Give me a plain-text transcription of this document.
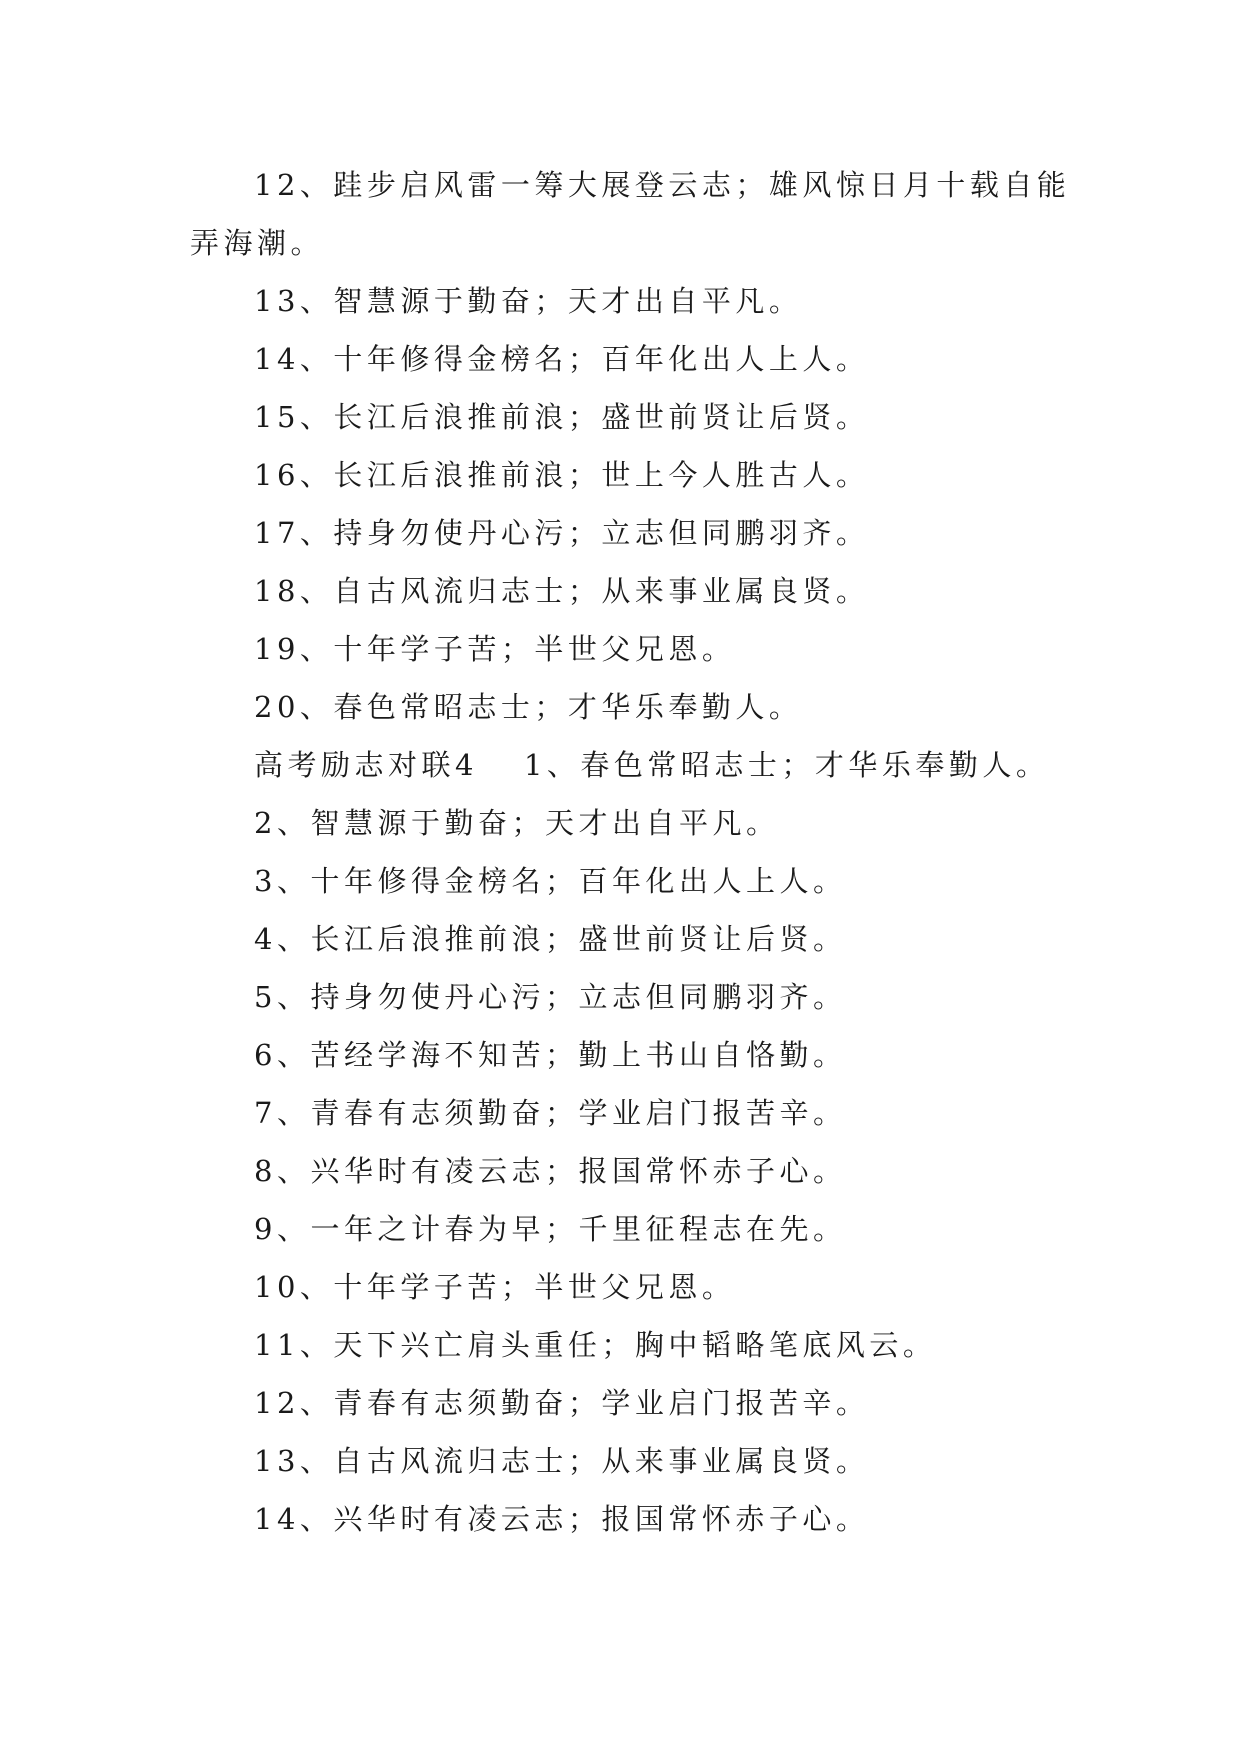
12、跬步启风雷一筹大展登云志；雄风惊日月十载自能
弄海潮。
13、智慧源于勤奋；天才出自平凡。
14、十年修得金榜名；百年化出人上人。
15、长江后浪推前浪；盛世前贤让后贤。
16、长江后浪推前浪；世上今人胜古人。
17、持身勿使丹心污；立志但同鹏羽齐。
18、自古风流归志士；从来事业属良贤。
19、十年学子苦；半世父兄恩。
20、春色常昭志士；才华乐奉勤人。
高考励志对联4 1、春色常昭志士；才华乐奉勤人。
2、智慧源于勤奋；天才出自平凡。
3、十年修得金榜名；百年化出人上人。
4、长江后浪推前浪；盛世前贤让后贤。
5、持身勿使丹心污；立志但同鹏羽齐。
6、苦经学海不知苦；勤上书山自恪勤。
7、青春有志须勤奋；学业启门报苦辛。
8、兴华时有凌云志；报国常怀赤子心。
9、一年之计春为早；千里征程志在先。
10、十年学子苦；半世父兄恩。
11、天下兴亡肩头重任；胸中韬略笔底风云。
12、青春有志须勤奋；学业启门报苦辛。
13、自古风流归志士；从来事业属良贤。
14、兴华时有凌云志；报国常怀赤子心。
